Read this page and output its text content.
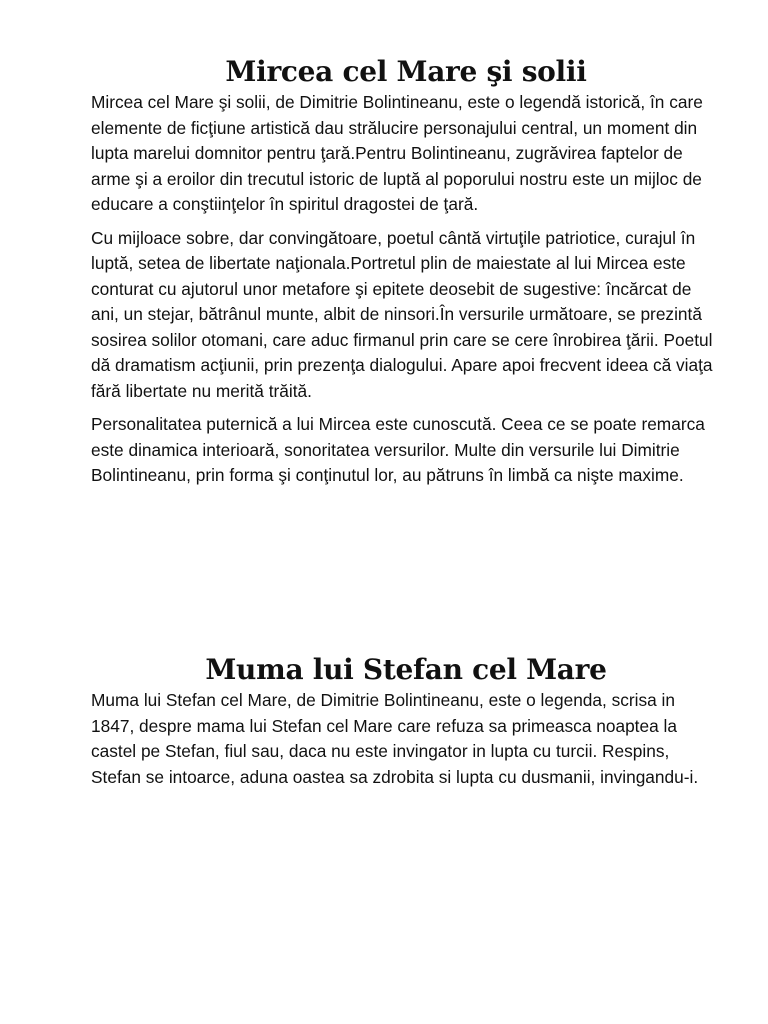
Mircea cel Mare şi solii

Mircea cel Mare şi solii, de Dimitrie Bolintineanu, este o legendă istorică, în care elemente de ficţiune artistică dau strălucire personajului central, un moment din lupta marelui domnitor pentru ţară.Pentru Bolintineanu, zugrăvirea faptelor de arme şi a eroilor din trecutul istoric de luptă al poporului nostru este un mijloc de educare a conştiinţelor în spiritul dragostei de ţară.

Cu mijloace sobre, dar convingătoare, poetul cântă virtuţile patriotice, curajul în luptă, setea de libertate naţionala.Portretul plin de maiestate al lui Mircea este conturat cu ajutorul unor metafore şi epitete deosebit de sugestive: încărcat de ani, un stejar, bătrânul munte, albit de ninsori.În versurile următoare, se prezintă sosirea solilor otomani, care aduc firmanul prin care se cere înrobirea ţării. Poetul dă dramatism acţiunii, prin prezenţa dialogului. Apare apoi frecvent ideea că viaţa fără libertate nu merită trăită.

Personalitatea puternică a lui Mircea este cunoscută. Ceea ce se poate remarca este dinamica interioară, sonoritatea versurilor. Multe din versurile lui Dimitrie Bolintineanu, prin forma şi conţinutul lor, au pătruns în limbă ca nişte maxime.

Muma lui Stefan cel Mare

Muma lui Stefan cel Mare, de Dimitrie Bolintineanu, este o legenda, scrisa in 1847, despre mama lui Stefan cel Mare care refuza sa primeasca noaptea la castel pe Stefan, fiul sau, daca nu este invingator in lupta cu turcii. Respins, Stefan se intoarce, aduna oastea sa zdrobita si lupta cu dusmanii, invingandu-i.
